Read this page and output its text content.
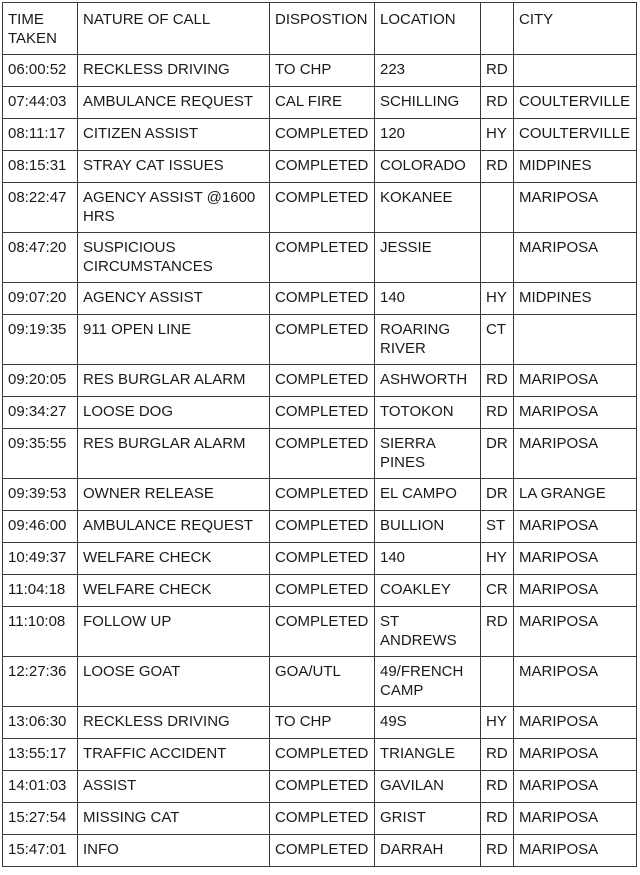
TIME TAKEN	NATURE OF CALL	DISPOSTION	LOCATION		CITY
06:00:52	RECKLESS DRIVING	TO CHP	223	RD	
07:44:03	AMBULANCE REQUEST	CAL FIRE	SCHILLING	RD	COULTERVILLE
08:11:17	CITIZEN ASSIST	COMPLETED	120	HY	COULTERVILLE
08:15:31	STRAY CAT ISSUES	COMPLETED	COLORADO	RD	MIDPINES
08:22:47	AGENCY ASSIST @1600 HRS	COMPLETED	KOKANEE		MARIPOSA
08:47:20	SUSPICIOUS CIRCUMSTANCES	COMPLETED	JESSIE		MARIPOSA
09:07:20	AGENCY ASSIST	COMPLETED	140	HY	MIDPINES
09:19:35	911 OPEN LINE	COMPLETED	ROARING RIVER	CT	
09:20:05	RES BURGLAR ALARM	COMPLETED	ASHWORTH	RD	MARIPOSA
09:34:27	LOOSE DOG	COMPLETED	TOTOKON	RD	MARIPOSA
09:35:55	RES BURGLAR ALARM	COMPLETED	SIERRA PINES	DR	MARIPOSA
09:39:53	OWNER RELEASE	COMPLETED	EL CAMPO	DR	LA GRANGE
09:46:00	AMBULANCE REQUEST	COMPLETED	BULLION	ST	MARIPOSA
10:49:37	WELFARE CHECK	COMPLETED	140	HY	MARIPOSA
11:04:18	WELFARE CHECK	COMPLETED	COAKLEY	CR	MARIPOSA
11:10:08	FOLLOW UP	COMPLETED	ST ANDREWS	RD	MARIPOSA
12:27:36	LOOSE GOAT	GOA/UTL	49/FRENCH CAMP		MARIPOSA
13:06:30	RECKLESS DRIVING	TO CHP	49S	HY	MARIPOSA
13:55:17	TRAFFIC ACCIDENT	COMPLETED	TRIANGLE	RD	MARIPOSA
14:01:03	ASSIST	COMPLETED	GAVILAN	RD	MARIPOSA
15:27:54	MISSING CAT	COMPLETED	GRIST	RD	MARIPOSA
15:47:01	INFO	COMPLETED	DARRAH	RD	MARIPOSA
